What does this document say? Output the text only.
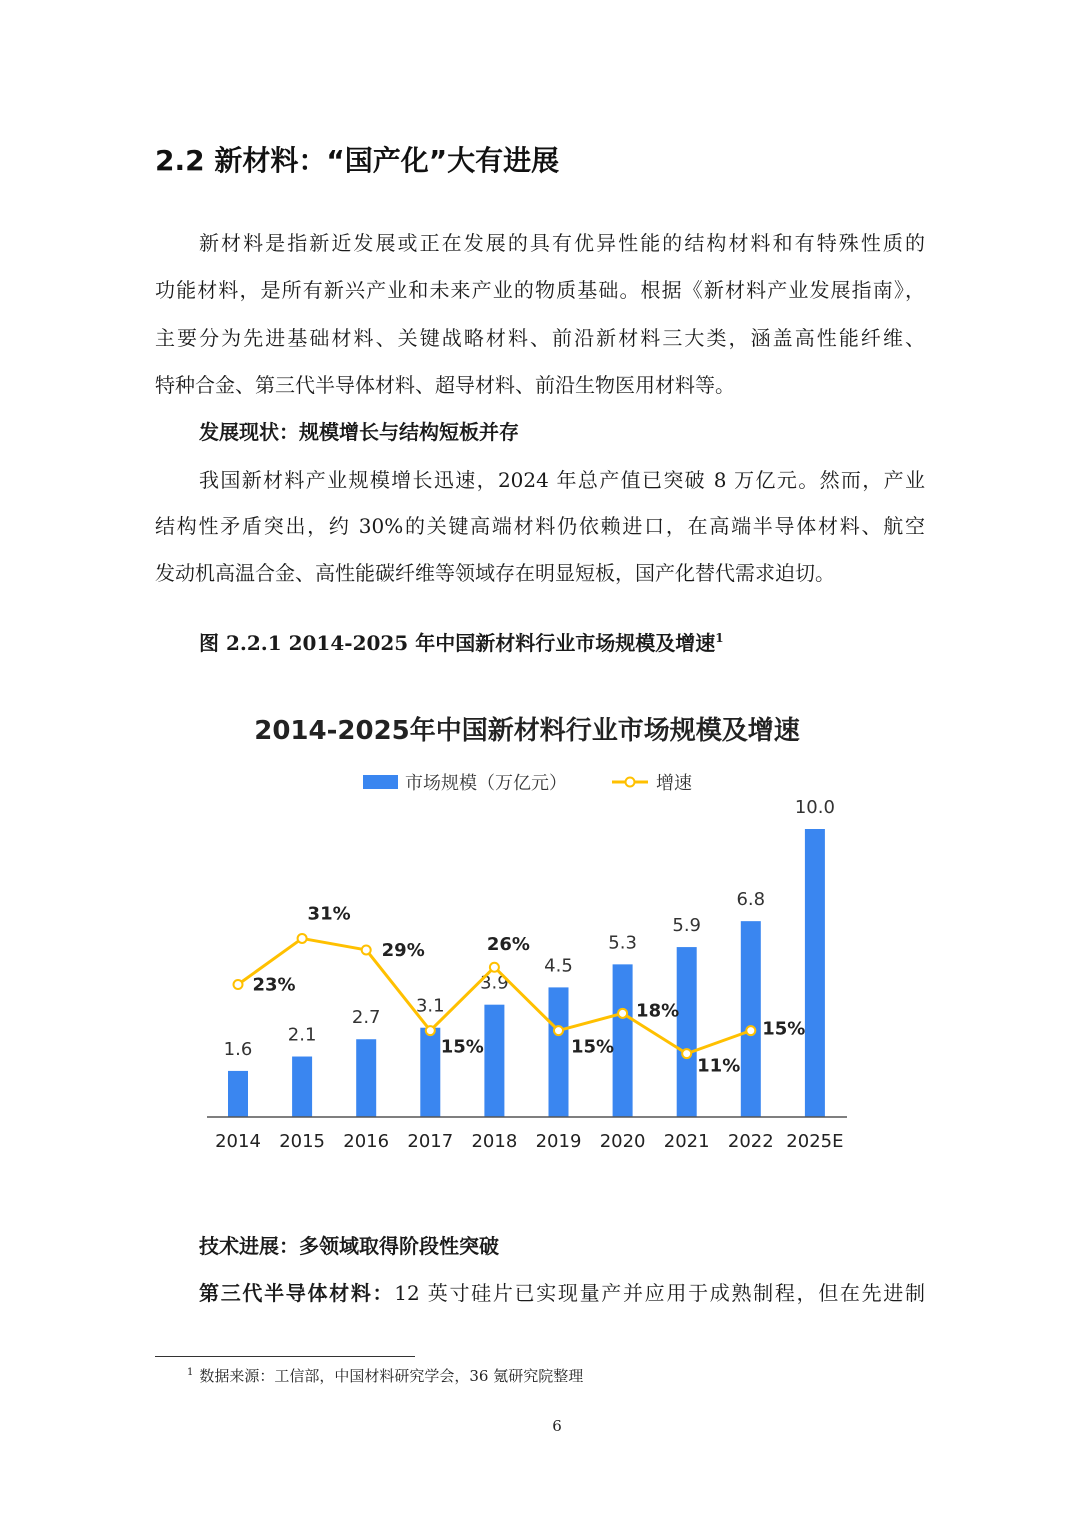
2.2 新材料：“国产化”大有进展
新材料是指新近发展或正在发展的具有优异性能的结构材料和有特殊性质的
功能材料，是所有新兴产业和未来产业的物质基础。根据《新材料产业发展指南》，
主要分为先进基础材料、关键战略材料、前沿新材料三大类，涵盖高性能纤维、
特种合金、第三代半导体材料、超导材料、前沿生物医用材料等。
发展现状：规模增长与结构短板并存
我国新材料产业规模增长迅速，2024 年总产值已突破 8 万亿元。然而，产业
结构性矛盾突出，约 30%的关键高端材料仍依赖进口，在高端半导体材料、航空
发动机高温合金、高性能碳纤维等领域存在明显短板，国产化替代需求迫切。
图 2.2.1 2014-2025 年中国新材料行业市场规模及增速$^1$
2014-2025年中国新材料行业市场规模及增速
市场规模（万亿元）	增速
1.6
2014
2.1
2015
2.7
2016
3.1
2017
3.9
2018
4.5
2019
5.3
2020
5.9
2021
6.8
2022
10.0
2025E
23%
31%
29%
15%
26%
15%
18%
11%
15%
技术进展：多领域取得阶段性突破
第三代半导体材料：12 英寸硅片已实现量产并应用于成熟制程，但在先进制
$^1$ 数据来源：工信部，中国材料研究学会，36 氪研究院整理
6
